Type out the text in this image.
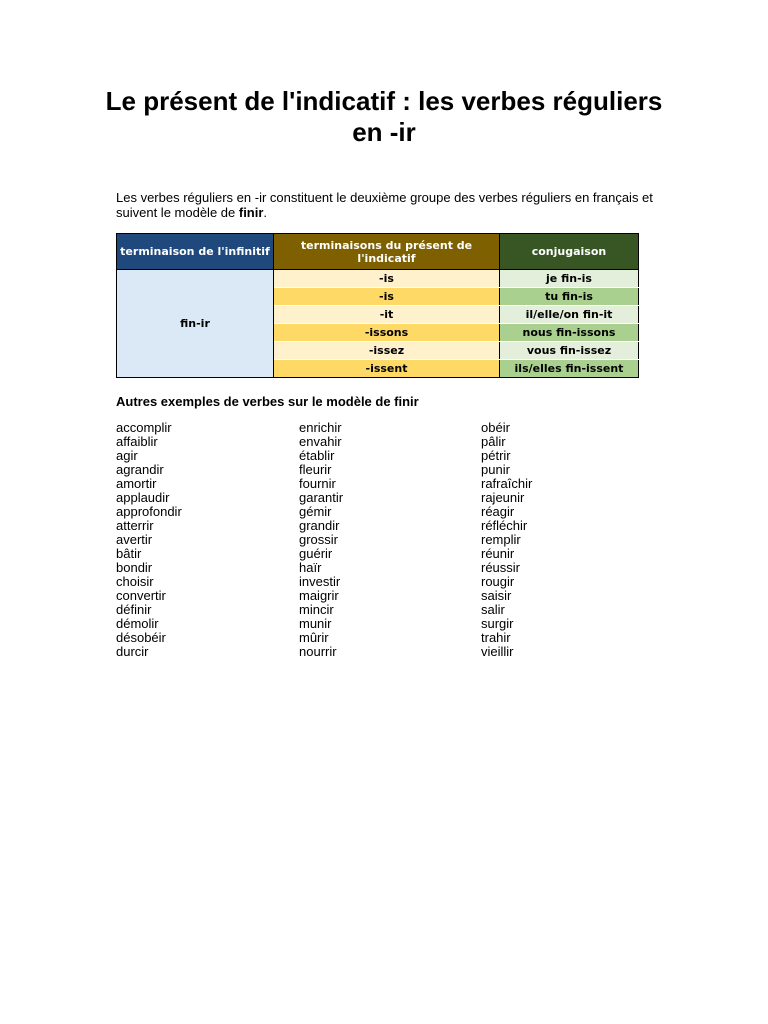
Le présent de l'indicatif : les verbes réguliers en -ir

Les verbes réguliers en -ir constituent le deuxième groupe des verbes réguliers en français et suivent le modèle de finir.

terminaison de l'infinitif	terminaisons du présent de l'indicatif	conjugaison
fin-ir	-is	je fin-is
	-is	tu fin-is
	-it	il/elle/on fin-it
	-issons	nous fin-issons
	-issez	vous fin-issez
	-issent	ils/elles fin-issent

Autres exemples de verbes sur le modèle de finir

accomplir
affaiblir
agir
agrandir
amortir
applaudir
approfondir
atterrir
avertir
bâtir
bondir
choisir
convertir
définir
démolir
désobéir
durcir
enrichir
envahir
établir
fleurir
fournir
garantir
gémir
grandir
grossir
guérir
haïr
investir
maigrir
mincir
munir
mûrir
nourrir
obéir
pâlir
pétrir
punir
rafraîchir
rajeunir
réagir
réfléchir
remplir
réunir
réussir
rougir
saisir
salir
surgir
trahir
vieillir
